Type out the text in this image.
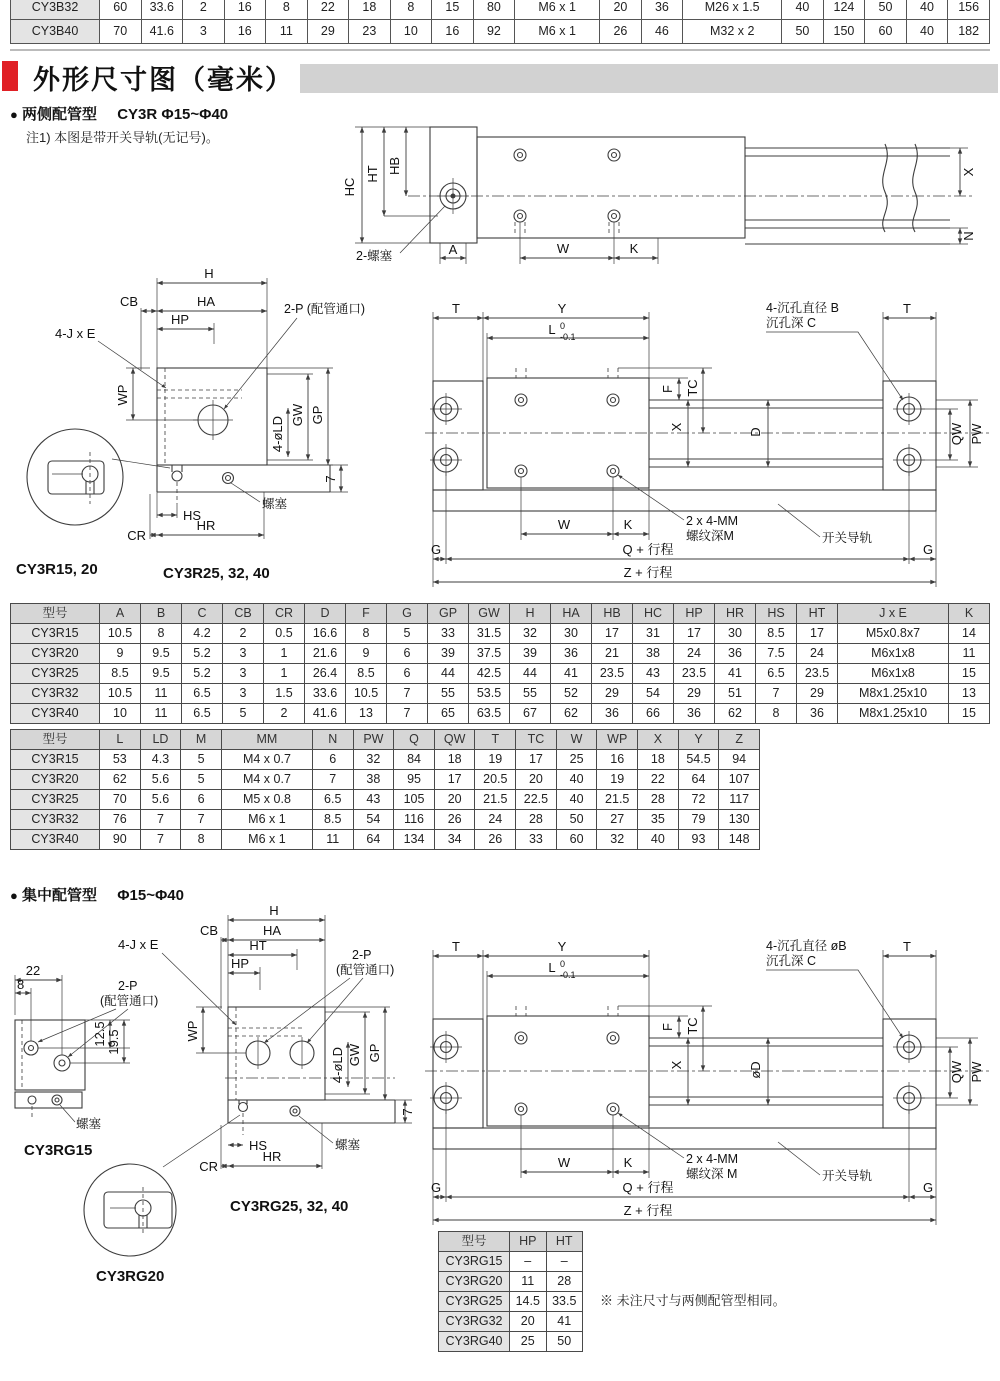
CY3B32	60	33.6	2	16	8	22	18	8	15	80	M6 x 1	20	36	M26 x 1.5	40	124	50	40	156
CY3B40	70	41.6	3	16	11	29	23	10	16	92	M6 x 1	26	46	M32 x 2	50	150	60	40	182
外形尺寸图（毫米）
● 两侧配管型 CY3R Φ15~Φ40
注1) 本图是带开关导轨(无记号)。
HC
HT HB	X
N
A	W	K
2-螺塞
H
CB	HA
HP
4-J x E
2-P (配管通口)
WP
4-øLD
GW GP
7
螺塞
HS
CR
HR
CY3R15, 20	CY3R25, 32, 40
T	Y	T
L 0
-0.1
TC
F
X
D	QW PW
W	K
G	G
Q + 行程
Z + 行程
4-沉孔直径 B
沉孔深 C
2 x 4-MM
螺纹深M	开关导轨
型号	A	B	C	CB	CR	D	F	G	GP	GW	H	HA	HB	HC	HP	HR	HS	HT	J x E	K
CY3R15	10.5	8	4.2	2	0.5	16.6	8	5	33	31.5	32	30	17	31	17	30	8.5	17	M5x0.8x7	14
CY3R20	9	9.5	5.2	3	1	21.6	9	6	39	37.5	39	36	21	38	24	36	7.5	24	M6x1x8	11
CY3R25	8.5	9.5	5.2	3	1	26.4	8.5	6	44	42.5	44	41	23.5	43	23.5	41	6.5	23.5	M6x1x8	15
CY3R32	10.5	11	6.5	3	1.5	33.6	10.5	7	55	53.5	55	52	29	54	29	51	7	29	M8x1.25x10	13
CY3R40	10	11	6.5	5	2	41.6	13	7	65	63.5	67	62	36	66	36	62	8	36	M8x1.25x10	15
型号	L	LD	M	MM	N	PW	Q	QW	T	TC	W	WP	X	Y	Z
CY3R15	53	4.3	5	M4 x 0.7	6	32	84	18	19	17	25	16	18	54.5	94
CY3R20	62	5.6	5	M4 x 0.7	7	38	95	17	20.5	20	40	19	22	64	107
CY3R25	70	5.6	6	M5 x 0.8	6.5	43	105	20	21.5	22.5	40	21.5	28	72	117
CY3R32	76	7	7	M6 x 1	8.5	54	116	26	24	28	50	27	35	79	130
CY3R40	90	7	8	M6 x 1	11	64	134	34	26	33	60	32	40	93	148
● 集中配管型 Φ15~Φ40
22
8	2-P
(配管通口)
12.5 19.5
螺塞
CY3RG15
H
CB	HA
HT
HP
4-J x E
2-P
(配管通口)
WP
4-øLD GW GP
7
螺塞
HS
CR
HR
CY3RG25, 32, 40
CY3RG20
T	Y	T
L 0
-0.1
TC
F
X	øD	QW PW
W	K
G	G
Q + 行程
Z + 行程
4-沉孔直径 øB
沉孔深 C
2 x 4-MM
螺纹深 M	开关导轨
型号	HP	HT
CY3RG15	–	–
CY3RG20	11	28
CY3RG25	14.5	33.5
CY3RG32	20	41
CY3RG40	25	50
※ 未注尺寸与两侧配管型相同。
